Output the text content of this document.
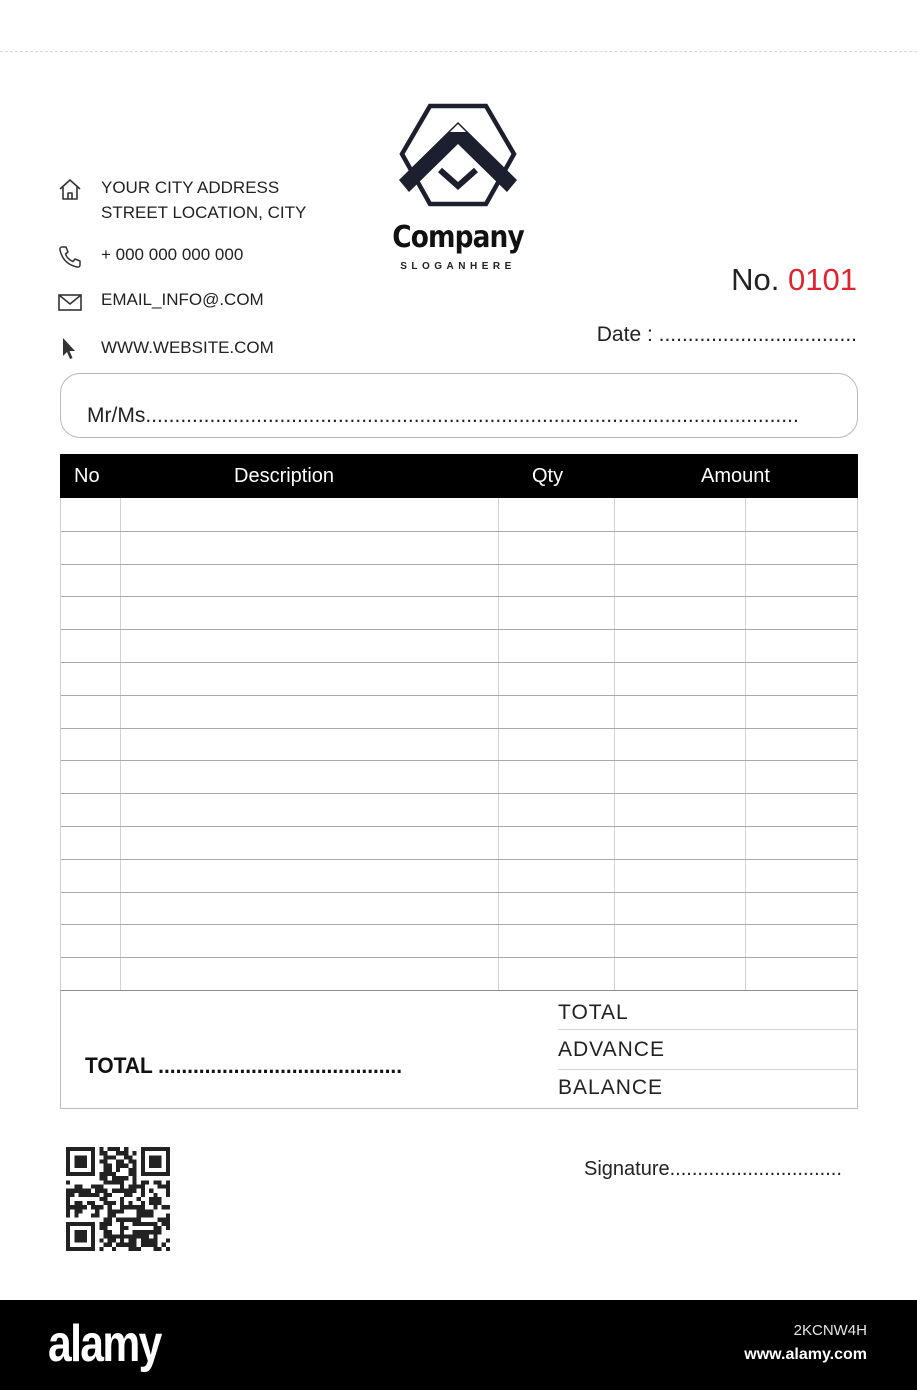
YOUR CITY ADDRESS
STREET LOCATION, CITY
+ 000 000 000 000
EMAIL_INFO@.COM
WWW.WEBSITE.COM
Company
SLOGANHERE	No. 0101
Date : ..................................
Mr/Ms................................................................................................................
No	Description	Qty	Amount
TOTAL ..........................................
TOTAL
ADVANCE
BALANCE
Signature...............................
alamy	2KCNW4H
www.alamy.com
